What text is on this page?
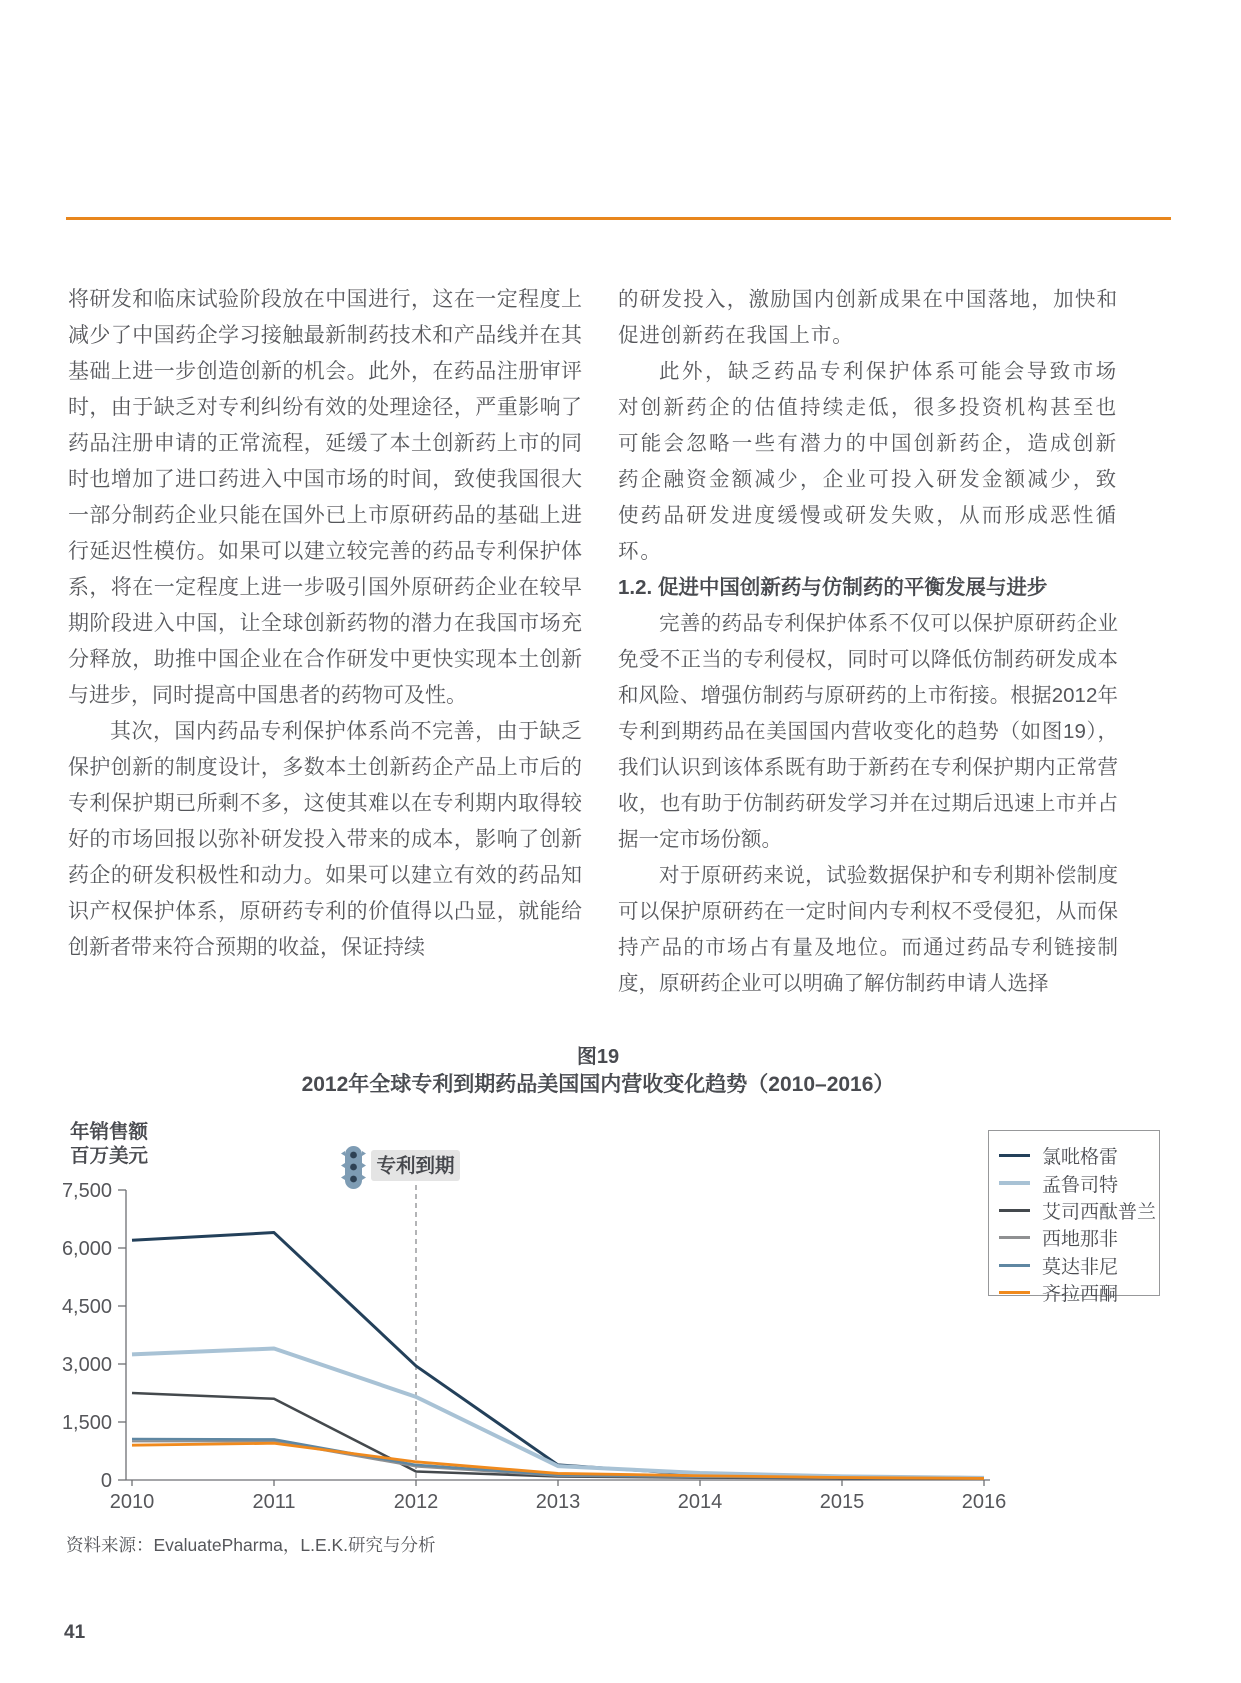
将研发和临床试验阶段放在中国进行，这在一定程度上减少了中国药企学习接触最新制药技术和产品线并在其基础上进一步创造创新的机会。此外，在药品注册审评时，由于缺乏对专利纠纷有效的处理途径，严重影响了药品注册申请的正常流程，延缓了本土创新药上市的同时也增加了进口药进入中国市场的时间，致使我国很大一部分制药企业只能在国外已上市原研药品的基础上进行延迟性模仿。如果可以建立较完善的药品专利保护体系，将在一定程度上进一步吸引国外原研药企业在较早期阶段进入中国，让全球创新药物的潜力在我国市场充分释放，助推中国企业在合作研发中更快实现本土创新与进步，同时提高中国患者的药物可及性。

其次，国内药品专利保护体系尚不完善，由于缺乏保护创新的制度设计，多数本土创新药企产品上市后的专利保护期已所剩不多，这使其难以在专利期内取得较好的市场回报以弥补研发投入带来的成本，影响了创新药企的研发积极性和动力。如果可以建立有效的药品知识产权保护体系，原研药专利的价值得以凸显，就能给创新者带来符合预期的收益，保证持续

的研发投入，激励国内创新成果在中国落地，加快和促进创新药在我国上市。

此外，缺乏药品专利保护体系可能会导致市场对创新药企的估值持续走低，很多投资机构甚至也可能会忽略一些有潜力的中国创新药企，造成创新药企融资金额减少，企业可投入研发金额减少，致使药品研发进度缓慢或研发失败，从而形成恶性循环。

1.2. 促进中国创新药与仿制药的平衡发展与进步

完善的药品专利保护体系不仅可以保护原研药企业免受不正当的专利侵权，同时可以降低仿制药研发成本和风险、增强仿制药与原研药的上市衔接。根据2012年专利到期药品在美国国内营收变化的趋势（如图19），我们认识到该体系既有助于新药在专利保护期内正常营收，也有助于仿制药研发学习并在过期后迅速上市并占据一定市场份额。

对于原研药来说，试验数据保护和专利期补偿制度可以保护原研药在一定时间内专利权不受侵犯，从而保持产品的市场占有量及地位。而通过药品专利链接制度，原研药企业可以明确了解仿制药申请人选择

图19
2012年全球专利到期药品美国国内营收变化趋势（2010–2016）
年销售额
百万美元
0
1,500
3,000
4,500
6,000
7,500
2010	2011	2012	2013	2014	2015	2016
专利到期	氯吡格雷
孟鲁司特
艾司西酞普兰
西地那非
莫达非尼
齐拉西酮
资料来源：EvaluatePharma，L.E.K.研究与分析
41
